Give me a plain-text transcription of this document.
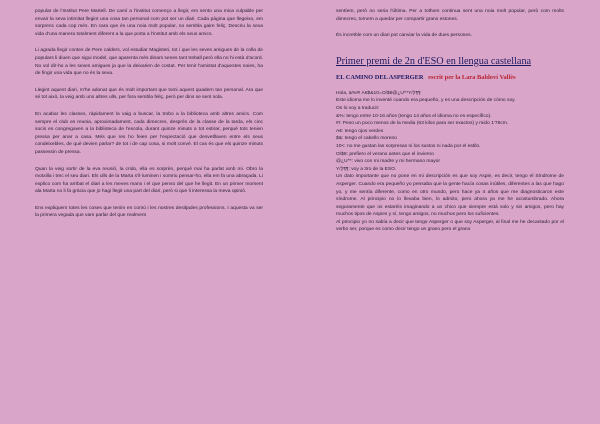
popular de l'Institut Pere Martell. De camí a l'institut començo a llegir, em sento una mica culpable per envair la seva intimitat llegint una cosa tan personal com pot ser un diari. Cada pàgina que llegeixo, em sorprenc cada cop més. En cara que és una noia molt popular, no sembla gaire feliç. Descriu la seva vida d'una manera totalment diferent a la que porta a l'institut amb els seus amics.

Li agrada llegir contes de Pere calders, vol estudiar Magisteri, tot i que les seves amigues de la colla de populars li diuen que sigui model, que aparenta més dinars senes tant treball però ella no hi està d'acord. No vol dir-ho a les seves amigues ja que la deixarien de costat. Per tenir l'amistat d'aquestes noies, ha de fingir una vida que no és la seva.

Llegint aquest diari, m'he adonat que és molt important que tomi aquest quadern tan personal. Ara que sé tot això, la veig amb uns altres ulls, per fora sembla feliç, però per dins se sent sola.

En acabar les classes, ràpidament la vaig a buscar, la trobo a la biblioteca amb altres amics. Com sempre el club es reunia, aproximadament, cada dimecres, després de la classe de la tarda, els cinc socis es congregaven a la biblioteca de l'escola, durant quinze minuts a tot estirar, perquè tots tenien pressa per anar a casa. Més que res ho feien per l'expectació que desvetllaven entre els seus condeixebles, de què devien parlar? de tot i de cap cosa, si molt convé. El cas és que els quinze minuts passessin de pressa.

Quan la veig sortir de la eva reunió, la crido, ella es sorprèn, perquè mai ha parlat amb mi. Obro la motxilla i trec el seu diari. Els ulls de la Marta s'il·luminen i somriu pensar-ho, ella em fa una abraçada. Li explico com ha arribat el diari a les meves mans i el que penso del que he llegit. En un primer moment ala Marta no li fa gràcia que jo hagi llegit una part del diari, però si que li interessa la meva opinió.

Ens expliquem totes les coses que tenim en comú i les nostres desitjades professions. I aquesta va ser la primera vegada que vam parlar del que realment

sentíem, però no seria l'última. Per a tothom continua sent una noia molt popular, però com molts dimecres, tornem a quedar per compartir grans estones.

És increïble com un diari pot canviar la vida de dues persones.

Primer premi de 2n d'ESO en llengua castellana
EL CAMINO DEL ASPERGER escrit per la Lara Baldoví Vallès
Hola, &%#! A€$&10=O/$8@¿U^*Y/¦!¶¶
Este idioma me lo inventé cuando era pequeño, y es una descripción de cómo soy.
Os lo voy a traducir:
&%: tengo entre 10-16 años (tengo 14 años el idioma no es específico).
#!: Peso un poco menos de la media (63 kilos para ser exactos) y mido 1'78cm.
A€: tengo ojos verdes
$&: tengo el cabello moreno
10<: no me gustan las sorpresas ni los sustos ni nada por el estilo.
O/$8: prefiero el verano antes que el invierno
@¿U^*: vivo con mi madre y mi hermano mayor
Y/¦!¶¶: voy a 3ro de la ESO.

Un dato importante que no pone en mi descripción es que soy Aspie, es decir, tengo el Síndrome de Asperger. Cuando era pequeño yo pensaba que la gente hacía cosas inútiles, diferentes a las que hago yo, y me sentía diferente, como en otro mundo, pero hace ya 4 años que me diagnosticaron este síndrome. Al principio no lo llevaba bien, lo admito, pero ahora ya me he acostumbrado. Ahora seguramente que os estaréis imaginando a un chico que siempre está solo y sin amigos, pero hay muchos tipos de Aspies y sí, tengo amigos, no muchos pero los suficientes.

Al principio yo no sabía a decir que tengo Asperger o que soy Asperger, al final me he decantado por el verbo ser, porque es como decir tengo un grano pero el grano
